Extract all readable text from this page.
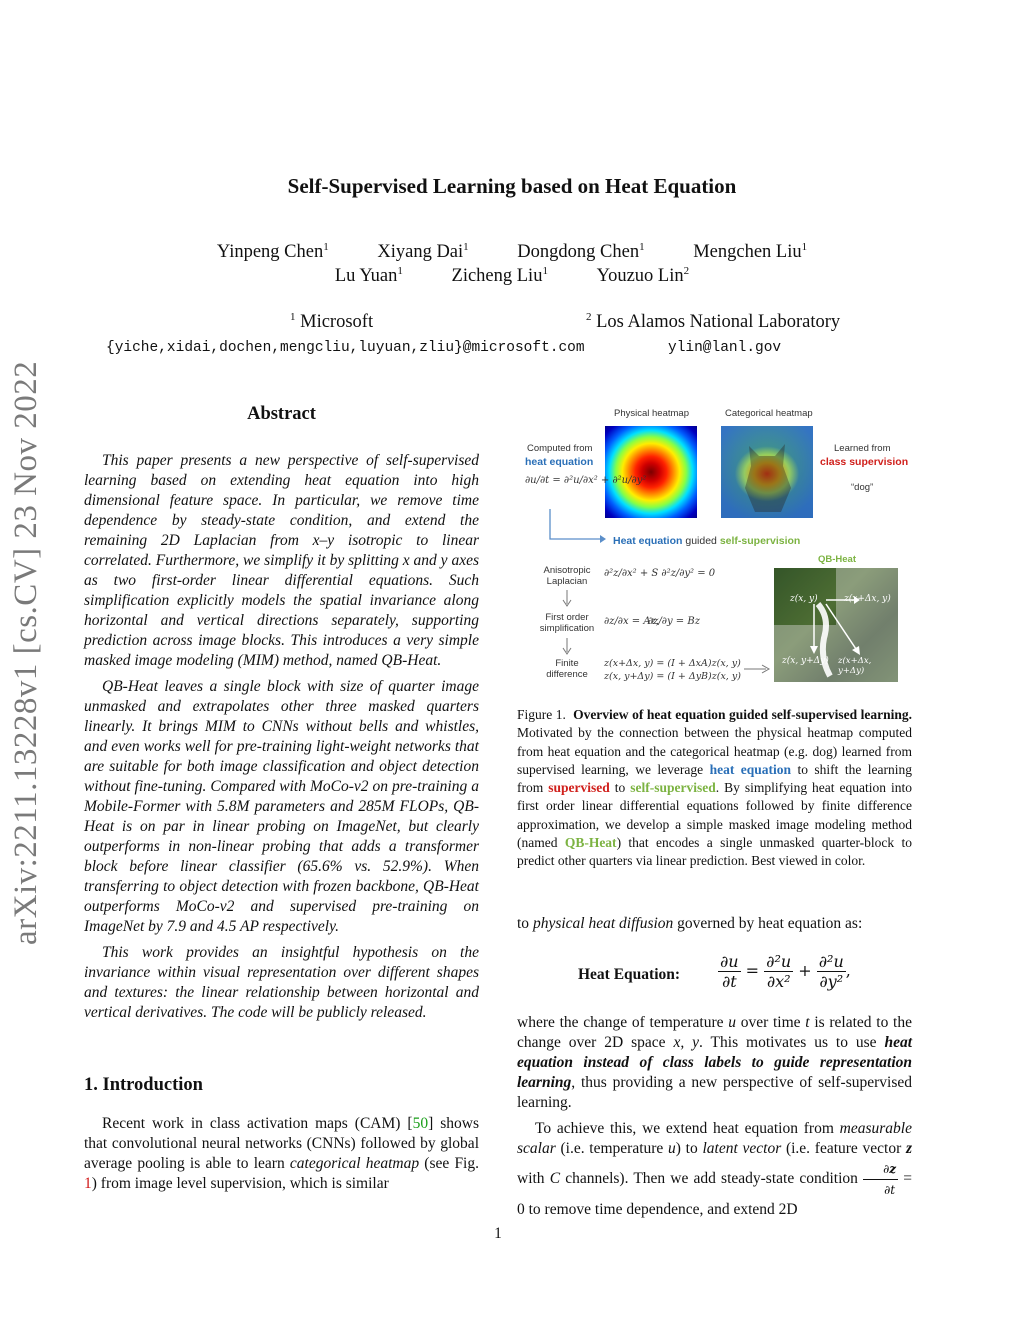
arXiv:2211.13228v1 [cs.CV] 23 Nov 2022
Self-Supervised Learning based on Heat Equation
Yinpeng Chen$^1$	Xiyang Dai$^1$	Dongdong Chen$^1$	Mengchen Liu$^1$
Lu Yuan$^1$	Zicheng Liu$^1$	Youzuo Lin$^2$
$^1$ Microsoft	$^2$ Los Alamos National Laboratory
{yiche,xidai,dochen,mengcliu,luyuan,zliu}@microsoft.com	ylin@lanl.gov
Abstract

This paper presents a new perspective of self-supervised learning based on extending heat equation into high dimensional feature space. In particular, we remove time dependence by steady-state condition, and extend the remaining 2D Laplacian from x–y isotropic to linear correlated. Furthermore, we simplify it by splitting x and y axes as two first-order linear differential equations. Such simplification explicitly models the spatial invariance along horizontal and vertical directions separately, supporting prediction across image blocks. This introduces a very simple masked image modeling (MIM) method, named QB-Heat.

QB-Heat leaves a single block with size of quarter image unmasked and extrapolates other three masked quarters linearly. It brings MIM to CNNs without bells and whistles, and even works well for pre-training light-weight networks that are suitable for both image classification and object detection without fine-tuning. Compared with MoCo-v2 on pre-training a Mobile-Former with 5.8M parameters and 285M FLOPs, QB-Heat is on par in linear probing on ImageNet, but clearly outperforms in non-linear probing that adds a transformer block before linear classifier (65.6% vs. 52.9%). When transferring to object detection with frozen backbone, QB-Heat outperforms MoCo-v2 and supervised pre-training on ImageNet by 7.9 and 4.5 AP respectively.

This work provides an insightful hypothesis on the invariance within visual representation over different shapes and textures: the linear relationship between horizontal and vertical derivatives. The code will be publicly released.

1. Introduction

Recent work in class activation maps (CAM) [50] shows that convolutional neural networks (CNNs) followed by global average pooling is able to learn categorical heatmap (see Fig. 1) from image level supervision, which is similar

Physical heatmap	Categorical heatmap
Computed from
heat equation
∂u/∂t = ∂²u/∂x² + ∂²u/∂y²
Learned from
class supervision
“dog”
Heat equation guided self-supervision
QB-Heat
Anisotropic Laplacian
∂²z/∂x² + S ∂²z/∂y² = 0
First order simplification
∂z/∂x = Az,
∂z/∂y = Bz
Finite difference
z(x+Δx, y) = (I + ΔxA)z(x, y)
z(x, y+Δy) = (I + ΔyB)z(x, y)
z(x, y)	z(x+Δx, y)
z(x, y+Δy) z(x+Δx, y+Δy)
Figure 1. Overview of heat equation guided self-supervised learning. Motivated by the connection between the physical heatmap computed from heat equation and the categorical heatmap (e.g. dog) learned from supervised learning, we leverage heat equation to shift the learning from supervised to self-supervised. By simplifying heat equation into first order linear differential equations followed by finite difference approximation, we develop a simple masked image modeling method (named QB-Heat) that encodes a single unmasked quarter-block to predict other quarters via linear prediction. Best viewed in color.
to physical heat diffusion governed by heat equation as:
Heat Equation: $\frac{\partial u}{\partial t} = \frac{\text{∂²u}}{\text{∂x²}} + \frac{\text{∂²u}}{\text{∂y²}}$ ,

where the change of temperature u over time t is related to the change over 2D space x, y. This motivates us to use heat equation instead of class labels to guide representation learning, thus providing a new perspective of self-supervised learning.

To achieve this, we extend heat equation from measurable scalar (i.e. temperature u) to latent vector (i.e. feature vector z with C channels). Then we add steady-state condition $\frac{\partial z}{\partial t} = 0$ to remove time dependence, and extend 2D

1
